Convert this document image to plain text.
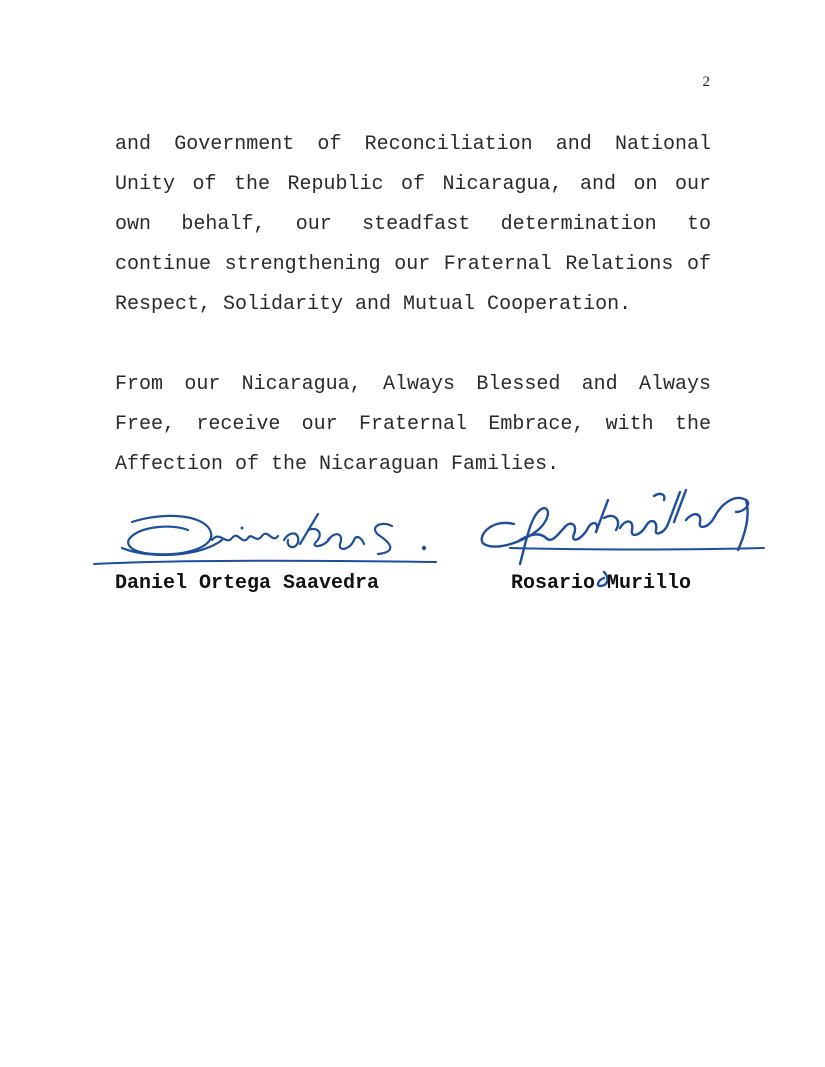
2

and Government of Reconciliation and National Unity of the Republic of Nicaragua, and on our own behalf, our steadfast determination to continue strengthening our Fraternal Relations of Respect, Solidarity and Mutual Cooperation.

From our Nicaragua, Always Blessed and Always Free, receive our Fraternal Embrace, with the Affection of the Nicaraguan Families.

Daniel Ortega Saavedra	Rosario Murillo
